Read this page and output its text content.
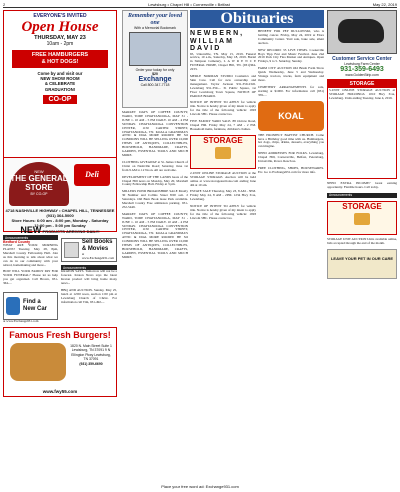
2	Lewisburg • Chapel Hill • Cornersville • Belfast	May 22, 2019
EVERYONE'S INVITED
Open House
THURSDAY, MAY 23
10am - 2pm
FREE HAMBURGERS
& HOT DOGS!
Come by and visit our
NEW SHOW ROOM
& CELEBRATE
GRADUATION!
CO-OP
NEW
THE GENERAL STORE
BY CO-OP
Deli
4718 NASHVILLE HIGHWAY • CHAPEL HILL, TENNESSEE
(931) 364-5000
Store Hours: 6:00 am - 8:00 pm, Monday - Saturday
12:00 pm - 5:00 pm Sunday
NEW PRODUCTS ARRIVING DAILY!
Announcements
Bedford County
WHAT ARE YOUR MORNING PLANS? Tuesday, May 28, 8pm, Marshall County Fellowship Hall. Join us this morning to talk about what we can do in our community with your retired, homemaking and more...
HOW WILL YOUR FAMILY PAY FOR YOUR FUNERAL? Please let us help you get organized. Call Brown, 931-364-...
Sell Books
& Movies
at www.Exchange931.com
Announcements
KRATON SAYS. Tomorrow will not be a forecast. Kraton News says the latest Kraton product will bring home many news...
Find a
New Car
at www.Exchange931.com
BBQ AND AUCTION. Sunday, May 25, lunch at 12:00 noon, auction 1:00 pm at Lewisburg Church of Christ. For information call Tim, 931-492-...
Famous Fresh Burgers!
1820 N. Main Street Suite 1 Lewisburg, TN 37091 9 N Ellington Pkwy Lewisburg, TN 37091
(931) 359-6690
www.fwy55.com
Remember your loved one
With a Memorial Bookmark
Order your today for only
$20
Exchange
Call 800-347-7718
MARKET DAYS OF COFFEE COUNTY, WARD, TODE CHATTANOOGA, MAY 31 - JUNE 1. 10 AM - 5 PM DAILY. 10 AM - 4 PM SUNDAY. CHATTANOOGA CONVENTION CENTER, 1150 CARTER STREET, CHATTANOOGA, TN. KOALA GRANDMA'S ATTIC & DIAL MORE ROOMS! BE SO CONDIONS WILL BE SELLING OVER 10,000 ITEMS OF ANTIQUES, COLLECTIBLES, HOUSEHOLD, HANDMADE, CRAFTS, GARDEN, ESSENTIAL TOOLS AND MUCH MORE.
CLOTHING GIVEAWAY at St. James Church of Christ on Nashville Road; Saturday, June 1st from 9 AM to 12 Noon. All are welcome.
DEVELOPMENT OF THE LANDS hears of the Chapel Hill news on Monday, May 20, Marshall County Fellowship Hall. Friday at 3 pm.
MILLERS POND BROADSHIRE SALE Mostly 30 Number and Collins Street 8:00 a.m. 2 Saturdays. Old Barn Book lease Park available. Marshall County Free admission parking. 931-252-5449.
MARKET DAYS OF COFFEE COUNTY, WARD, TODE CHATTANOOGA, MAY 31 - JUNE 1. 10 AM - 5 PM DAILY. 10 AM - 4 PM SUNDAY. CHATTANOOGA CONVENTION CENTER, 1150 CARTER STREET, CHATTANOOGA, TN. KOALA GRANDMA'S ATTIC & DIAL MORE ROOMS! BE SO CONDIONS WILL BE SELLING OVER 10,000 ITEMS OF ANTIQUES, COLLECTIBLES, HOUSEHOLD, HANDMADE, CRAFTS, GARDEN, ESSENTIAL TOOLS AND MUCH MORE.
Obituaries
NEWBERN, WILLIAM DAVID
65, Unionville, TN. May 15, 2019. Funeral service, 10 a.m., Saturday, May 18, 2019. Burial in Simpson Cemetery, L A W R E N C E FUNERAL HOME, Chapel Hill, TN. (931)364-2233.
MERLE NORMAN STUDIO Cosmetics and Skin Care. Call for new ownership and management. Taylor Jackson 931-359-2345. Lewisburg 931-359-... 31 Public Square, 1st Floor Lewisburg Town Square, NOTICE OF PAROLE BOARD.
NOTICE OF INTENT TO APPLY for vehicle title. Notice is hereby given of my intent to apply for the title of the following vehicle: 1993 Lincoln 5HC. Please contact us.
FIVE FAMILY YARD SALE. 88 Ostrow Road, Chapel Hill. Friday May 24, 7 AM - 2 PM. Household items, furniture, children's clothes.
STORAGE
2-UNIT ONLINE STORAGE AUCTION at the STORAGE STORAGE. Auction will be held online at www.storageauctions.com ending June 4th at 10 am.
ESTATE SALE Thursday, May 23, 8 AM - 3PM. Friday May 24, 8 AM - 2PM. 1234 Hwy 31A, Lewisburg.
NOTICE OF INTENT TO APPLY for vehicle title. Notice is hereby given of my intent to apply for the title of the following vehicle: 1993 Lincoln 5HC. Please contact us.
BENEFIT FOR PEP DULLOWSKI, who is battling cancer. Friday, May 24, 2019 at Elora Community Center. Yard sale, bake sale, silent auction.
NEW RECORD: 35 LIVE ITEMS. Cookeville Boys Tipp Fest and Music Festival. June 2nd 2019 Pork City Flea Market and Antiques. Open Fridays, 9 to 5. Saturday, Sunday.
FARM CITY AUCTION Old Brush Farm Show Quick Wednesday, June 5 and Wednesday. Vintage tractors, trucks, farm equipment and more.
CEMETERY ARRANGEMENTS for sale, starting at $1000. For information call (931) 359-...
KOAL
THE PROSPECT BAPTIST CHURCH. Come have a Birthday good time with us. Hamburgers, hot dogs, chips, drinks, desserts, everything you can imagine.
NEED ADDRESSES FOR FOLKS. Lewisburg, Chapel Hill, Cornersville, Belfast, Petersburg, Unionville, Rover. Reach us.
FREE CLOTHING, SHOES, HOUSEWARES. Etc. Go to Exchange931.com for more info.
Customer Service Center
Lewisburg Farm Center
931-359-6493
www.GoldenStrip.com
STORAGE
5-UNIT ONLINE STORAGE AUCTION at STORAGE HOLDINGS. 1010 Hwy 31A, Lewisburg. Units ending Tuesday, June 4, 2019.
NEED EXTRA INCOME? Great earning opportunity. Flexible hours. Call today.
Announcements
STORAGE
STORAGE UNIT AUCTION Units available online, bids accepted through the end of the month.
LEAVE YOUR PET IN OUR CARE
Place your free word ad: Exchange931.com
